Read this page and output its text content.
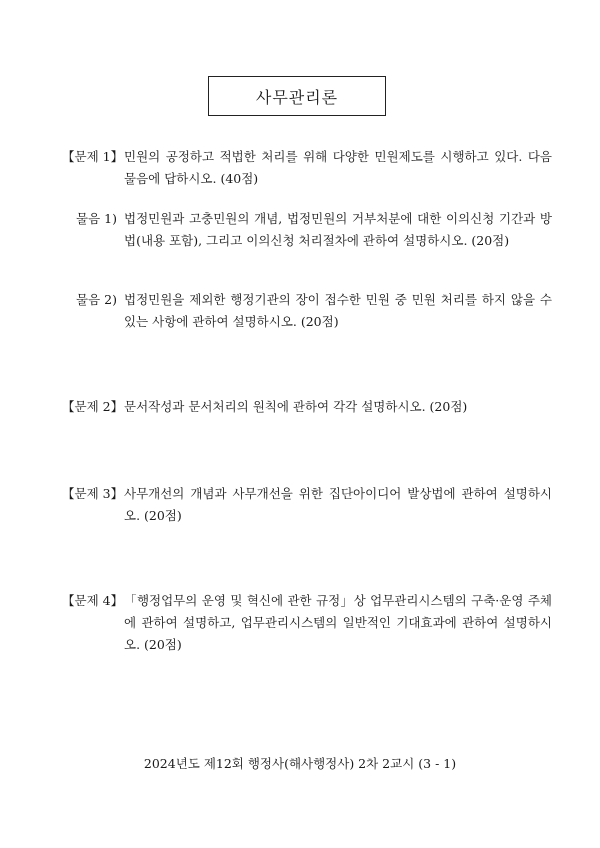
사무관리론
【문제 1】 민원의 공정하고 적법한 처리를 위해 다양한 민원제도를 시행하고 있다. 다음 물음에 답하시오. (40점)
물음 1) 법정민원과 고충민원의 개념, 법정민원의 거부처분에 대한 이의신청 기간과 방법(내용 포함), 그리고 이의신청 처리절차에 관하여 설명하시오. (20점)
물음 2) 법정민원을 제외한 행정기관의 장이 접수한 민원 중 민원 처리를 하지 않을 수 있는 사항에 관하여 설명하시오. (20점)
【문제 2】 문서작성과 문서처리의 원칙에 관하여 각각 설명하시오. (20점)
【문제 3】 사무개선의 개념과 사무개선을 위한 집단아이디어 발상법에 관하여 설명하시오. (20점)
【문제 4】 「행정업무의 운영 및 혁신에 관한 규정」상 업무관리시스템의 구축·운영 주체에 관하여 설명하고, 업무관리시스템의 일반적인 기대효과에 관하여 설명하시오. (20점)
2024년도 제12회 행정사(해사행정사) 2차 2교시 (3 - 1)
